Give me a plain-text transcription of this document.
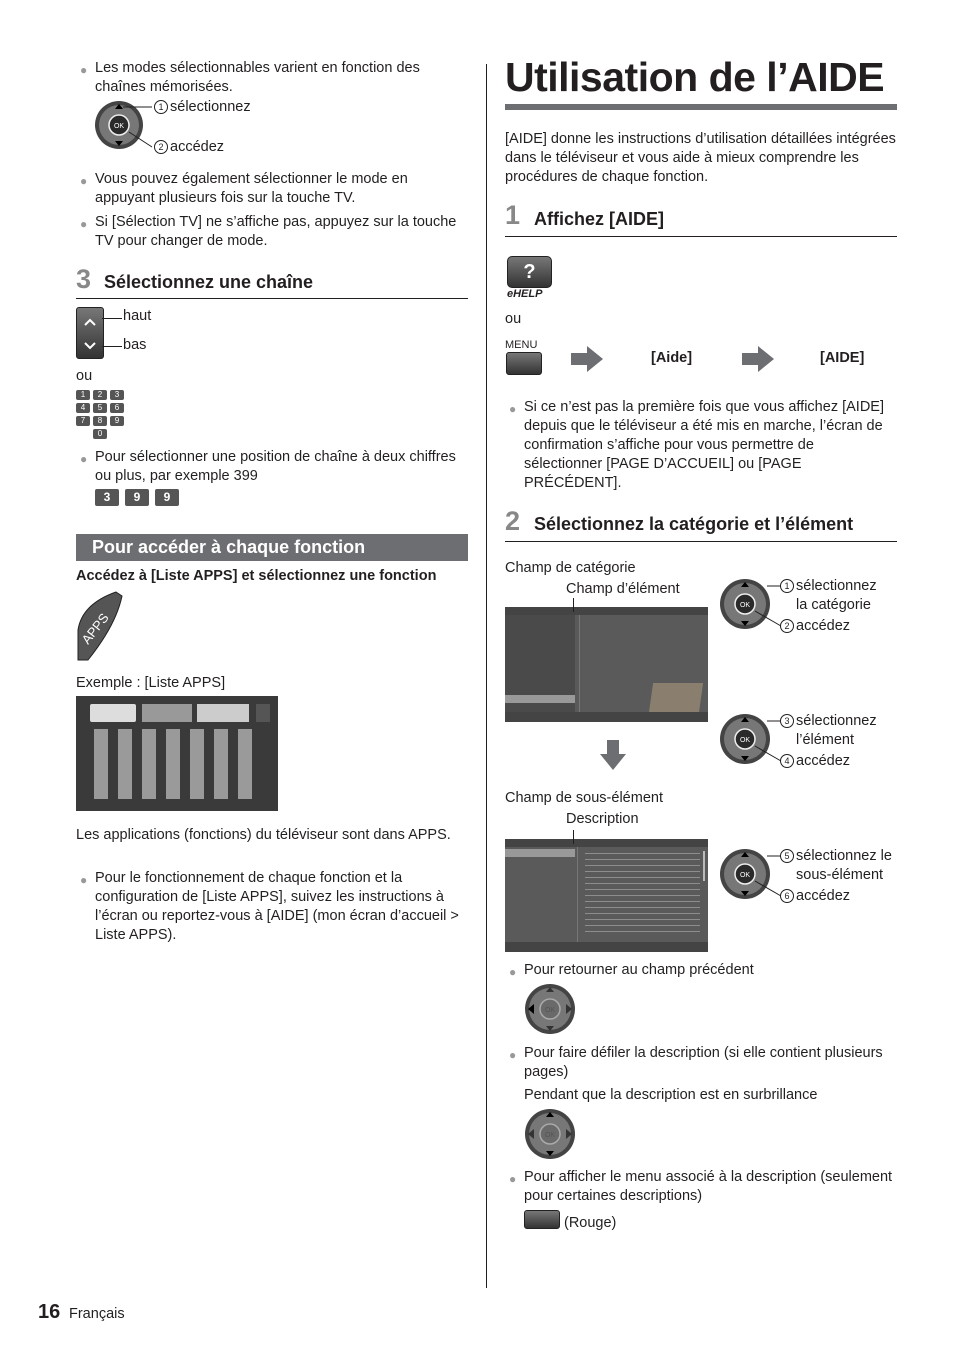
● Les modes sélectionnables varient en fonction des chaînes mémorisées.
OK
1 sélectionnez
2 accédez
● Vous pouvez également sélectionner le mode en appuyant plusieurs fois sur la touche TV.
● Si [Sélection TV] ne s’affiche pas, appuyez sur la touche TV pour changer de mode.
3 Sélectionnez une chaîne
haut
bas
ou
1	2	3
4	5	6
7	8	9
0
● Pour sélectionner une position de chaîne à deux chiffres ou plus, par exemple 399
3	9	9
Pour accéder à chaque fonction
Accédez à [Liste APPS] et sélectionnez une fonction
APPS
Exemple : [Liste APPS]
Les applications (fonctions) du téléviseur sont dans APPS.
● Pour le fonctionnement de chaque fonction et la configuration de [Liste APPS], suivez les instructions à l’écran ou reportez-vous à [AIDE] (mon écran d’accueil > Liste APPS).
Utilisation de l’AIDE
[AIDE] donne les instructions d’utilisation détaillées intégrées dans le téléviseur et vous aide à mieux comprendre les procédures de chaque fonction.
1 Affichez [AIDE]
?
eHELP
ou
MENU
[Aide]	[AIDE]
● Si ce n’est pas la première fois que vous affichez [AIDE] depuis que le téléviseur a été mis en marche, l’écran de confirmation s’affiche pour vous permettre de sélectionner [PAGE D’ACCUEIL] ou [PAGE PRÉCÉDENT].
2 Sélectionnez la catégorie et l’élément
Champ de catégorie
Champ d’élément
OK
1 sélectionnez
la catégorie
2 accédez
OK
3 sélectionnez
l’élément
4 accédez
Champ de sous-élément
Description
OK
5 sélectionnez le
sous-élément
6 accédez
● Pour retourner au champ précédent
OK
● Pour faire défiler la description (si elle contient plusieurs pages)
Pendant que la description est en surbrillance
OK
● Pour afficher le menu associé à la description (seulement pour certaines descriptions)
(Rouge)
16 Français
